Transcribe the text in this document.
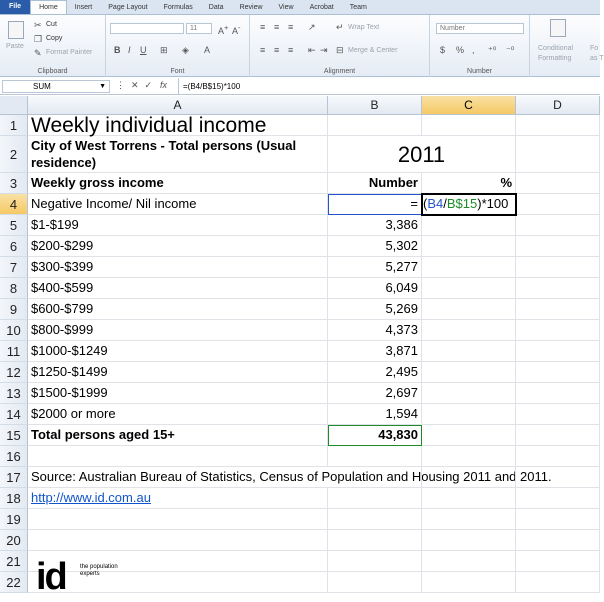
File	Home	Insert	Page Layout	Formulas	Data	Review	View	Acrobat	Team
Paste
✂ Cut
❐ Copy
✎ Format Painter
Clipboard
11	A+ A-
B I U ⊞ ◈ A
Font
≡ ≡ ≡ ↗ ↵ Wrap Text
≡ ≡ ≡ ⇤ ⇥ ⊟ Merge & Center
Alignment
Number
$ % , ⁺⁰ ⁻⁰
Number
Conditional
Formatting
Fo
as T
SUM	▼ ⋮✕✓ fx	=(B4/B$15)*100
A	B	C	D
1 Weekly individual income
2
City of West Torrens - Total persons (Usual residence)	2011
3	Weekly gross income	Number	%
4	Negative Income/ Nil income	=
5	$1-$199	3,386
6	$200-$299	5,302
7	$300-$399	5,277
8	$400-$599	6,049
9	$600-$799	5,269
10 $800-$999	4,373
11 $1000-$1249	3,871
12 $1250-$1499	2,495
13 $1500-$1999	2,697
14 $2000 or more	1,594
15 Total persons aged 15+	43,830
16
17 Source: Australian Bureau of Statistics, Census of Population and Housing 2011 and 2011.
18 http://www.id.com.au
19
20
21
22
(B4/B$15)*100
id the population experts
